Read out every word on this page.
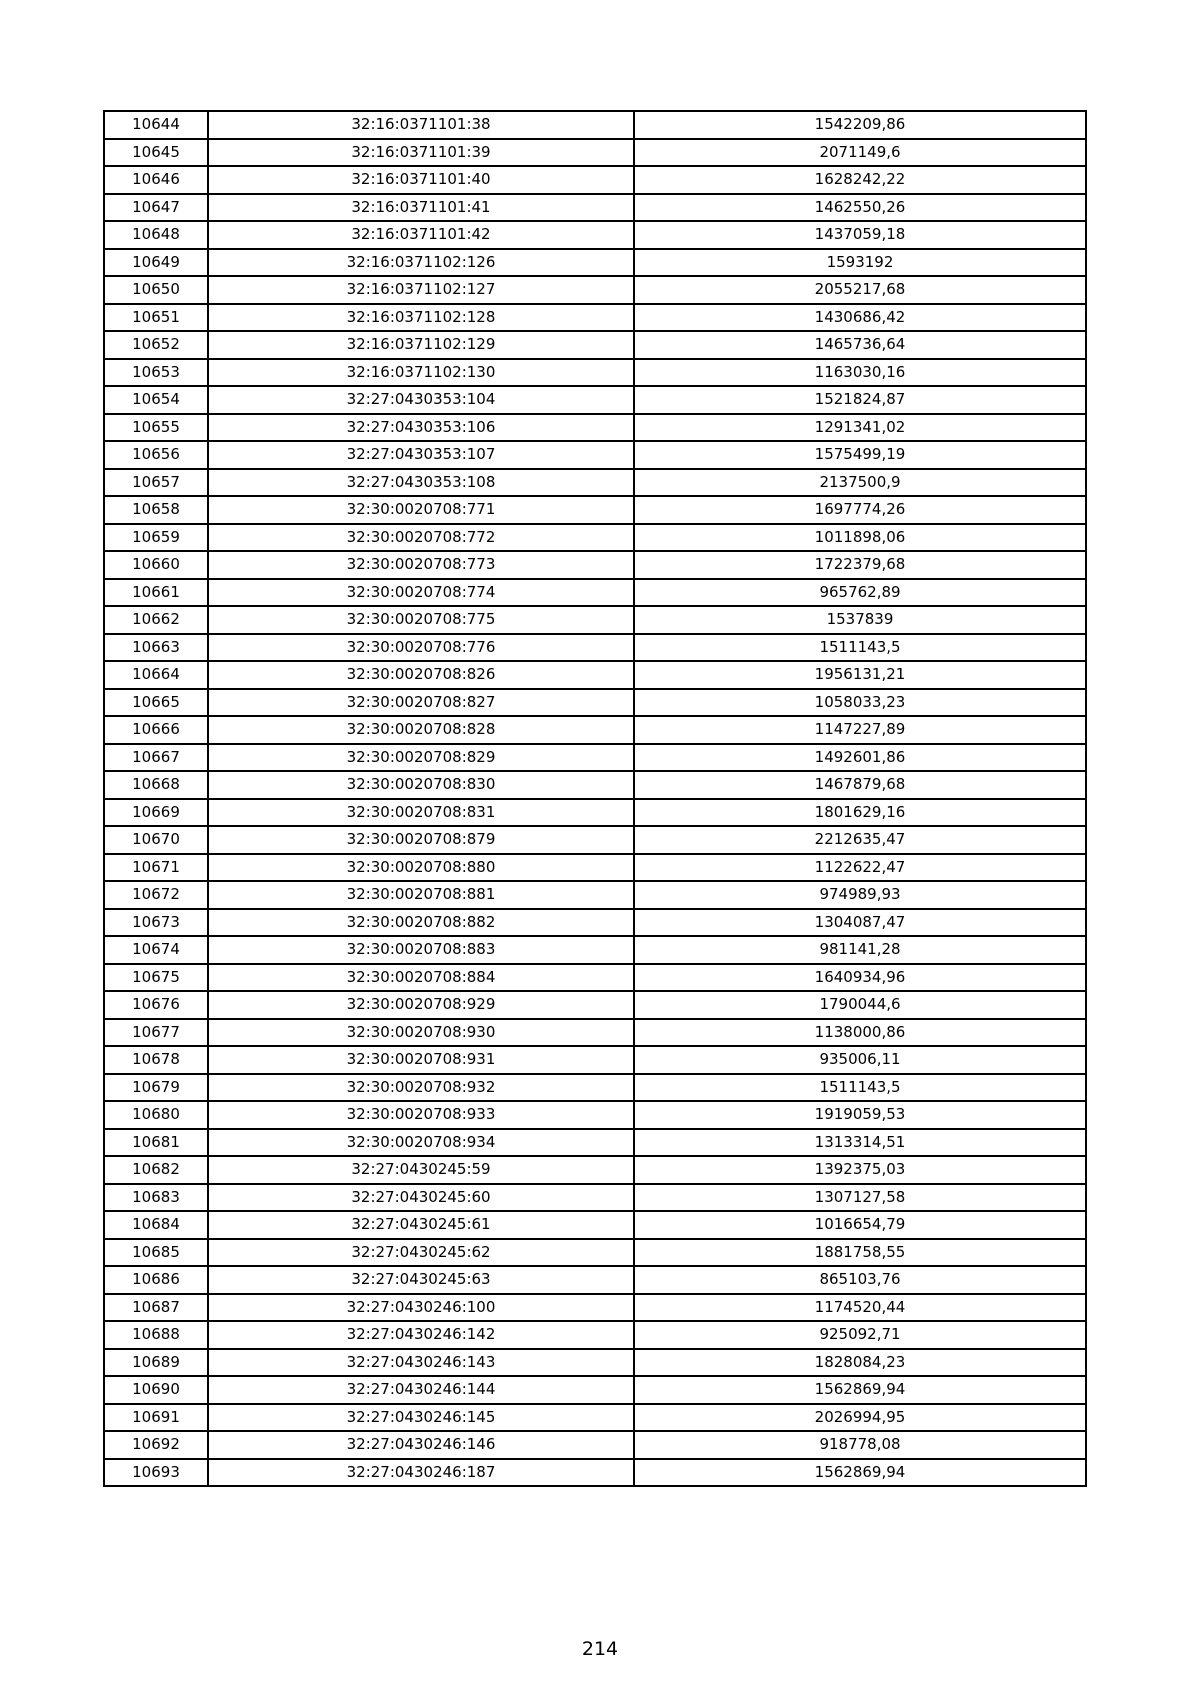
10644	32:16:0371101:38	1542209,86
10645	32:16:0371101:39	2071149,6
10646	32:16:0371101:40	1628242,22
10647	32:16:0371101:41	1462550,26
10648	32:16:0371101:42	1437059,18
10649	32:16:0371102:126	1593192
10650	32:16:0371102:127	2055217,68
10651	32:16:0371102:128	1430686,42
10652	32:16:0371102:129	1465736,64
10653	32:16:0371102:130	1163030,16
10654	32:27:0430353:104	1521824,87
10655	32:27:0430353:106	1291341,02
10656	32:27:0430353:107	1575499,19
10657	32:27:0430353:108	2137500,9
10658	32:30:0020708:771	1697774,26
10659	32:30:0020708:772	1011898,06
10660	32:30:0020708:773	1722379,68
10661	32:30:0020708:774	965762,89
10662	32:30:0020708:775	1537839
10663	32:30:0020708:776	1511143,5
10664	32:30:0020708:826	1956131,21
10665	32:30:0020708:827	1058033,23
10666	32:30:0020708:828	1147227,89
10667	32:30:0020708:829	1492601,86
10668	32:30:0020708:830	1467879,68
10669	32:30:0020708:831	1801629,16
10670	32:30:0020708:879	2212635,47
10671	32:30:0020708:880	1122622,47
10672	32:30:0020708:881	974989,93
10673	32:30:0020708:882	1304087,47
10674	32:30:0020708:883	981141,28
10675	32:30:0020708:884	1640934,96
10676	32:30:0020708:929	1790044,6
10677	32:30:0020708:930	1138000,86
10678	32:30:0020708:931	935006,11
10679	32:30:0020708:932	1511143,5
10680	32:30:0020708:933	1919059,53
10681	32:30:0020708:934	1313314,51
10682	32:27:0430245:59	1392375,03
10683	32:27:0430245:60	1307127,58
10684	32:27:0430245:61	1016654,79
10685	32:27:0430245:62	1881758,55
10686	32:27:0430245:63	865103,76
10687	32:27:0430246:100	1174520,44
10688	32:27:0430246:142	925092,71
10689	32:27:0430246:143	1828084,23
10690	32:27:0430246:144	1562869,94
10691	32:27:0430246:145	2026994,95
10692	32:27:0430246:146	918778,08
10693	32:27:0430246:187	1562869,94
214
